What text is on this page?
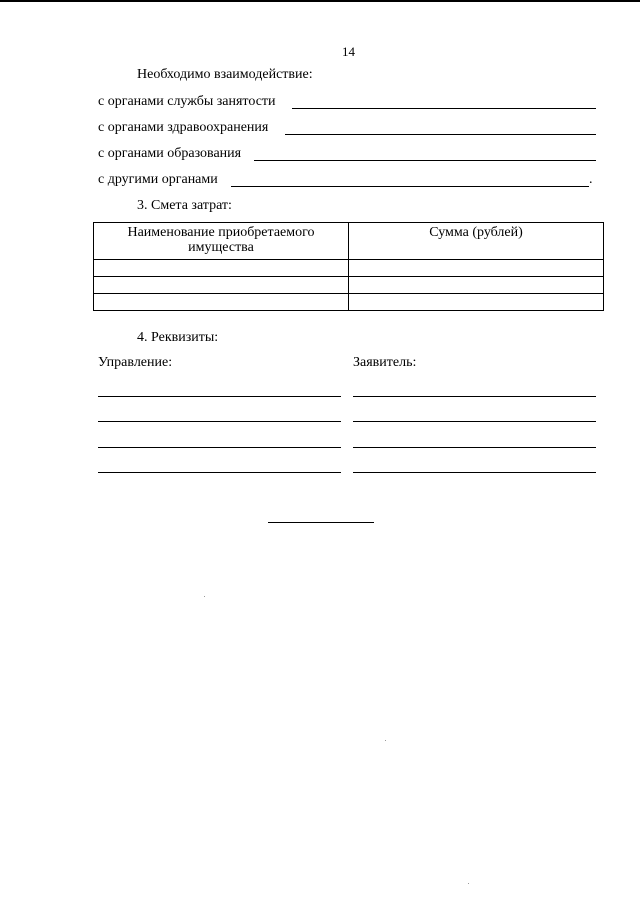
14
Необходимо взаимодействие:
с органами службы занятости
с органами здравоохранения
с органами образования
с другими органами	.
3. Смета затрат:
Наименование приобретаемого имущества	Сумма (рублей)

4. Реквизиты:
Управление:	Заявитель:
